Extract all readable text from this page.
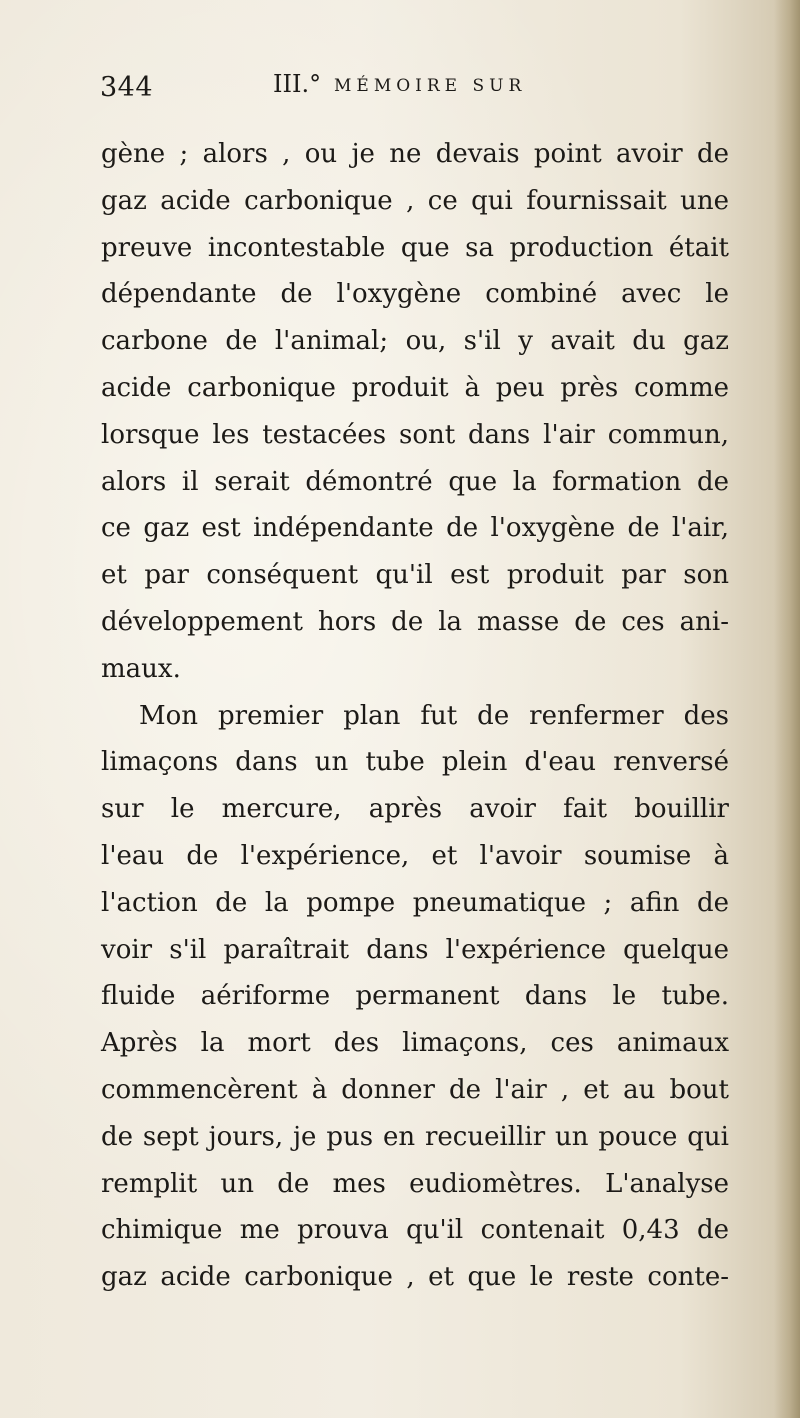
344	III.° MÉMOIRE SUR
gène ; alors , ou je ne devais point avoir de
gaz acide carbonique , ce qui fournissait une
preuve incontestable que sa production était
dépendante de l'oxygène combiné avec le
carbone de l'animal; ou, s'il y avait du gaz
acide carbonique produit à peu près comme
lorsque les testacées sont dans l'air commun,
alors il serait démontré que la formation de
ce gaz est indépendante de l'oxygène de l'air,
et par conséquent qu'il est produit par son
développement hors de la masse de ces ani-
maux.
Mon premier plan fut de renfermer des
limaçons dans un tube plein d'eau renversé
sur le mercure, après avoir fait bouillir
l'eau de l'expérience, et l'avoir soumise à
l'action de la pompe pneumatique ; afin de
voir s'il paraîtrait dans l'expérience quelque
fluide aériforme permanent dans le tube.
Après la mort des limaçons, ces animaux
commencèrent à donner de l'air , et au bout
de sept jours, je pus en recueillir un pouce qui
remplit un de mes eudiomètres. L'analyse
chimique me prouva qu'il contenait 0,43 de
gaz acide carbonique , et que le reste conte-
